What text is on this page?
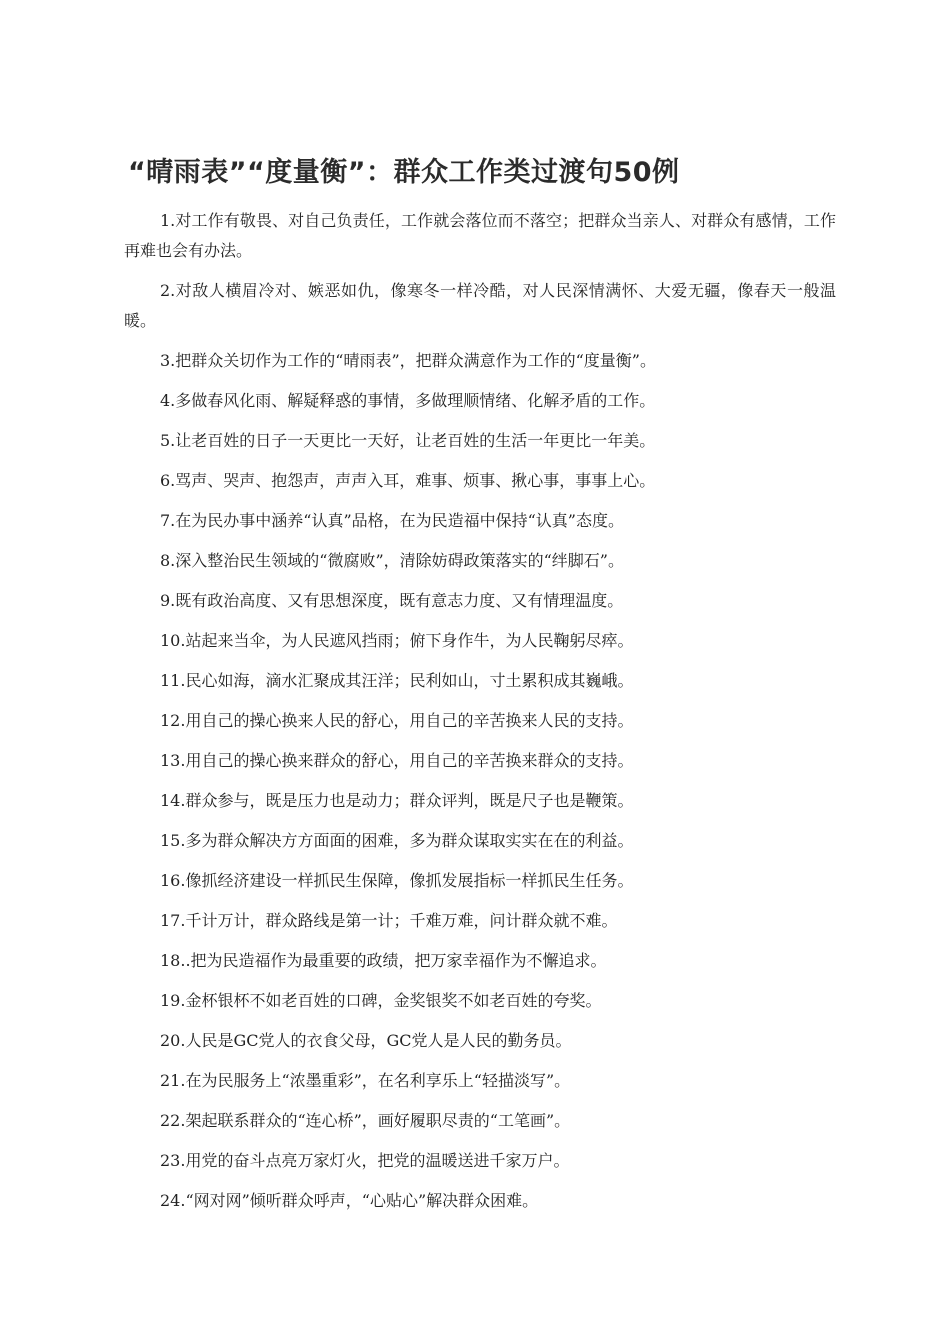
“晴雨表”“度量衡”：群众工作类过渡句50例

1.对工作有敬畏、对自己负责任，工作就会落位而不落空；把群众当亲人、对群众有感情，工作再难也会有办法。

2.对敌人横眉冷对、嫉恶如仇，像寒冬一样冷酷，对人民深情满怀、大爱无疆，像春天一般温暖。

3.把群众关切作为工作的“晴雨表”，把群众满意作为工作的“度量衡”。

4.多做春风化雨、解疑释惑的事情，多做理顺情绪、化解矛盾的工作。

5.让老百姓的日子一天更比一天好，让老百姓的生活一年更比一年美。

6.骂声、哭声、抱怨声，声声入耳，难事、烦事、揪心事，事事上心。

7.在为民办事中涵养“认真”品格，在为民造福中保持“认真”态度。

8.深入整治民生领域的“微腐败”，清除妨碍政策落实的“绊脚石”。

9.既有政治高度、又有思想深度，既有意志力度、又有情理温度。

10.站起来当伞，为人民遮风挡雨；俯下身作牛，为人民鞠躬尽瘁。

11.民心如海，滴水汇聚成其汪洋；民利如山，寸土累积成其巍峨。

12.用自己的操心换来人民的舒心，用自己的辛苦换来人民的支持。

13.用自己的操心换来群众的舒心，用自己的辛苦换来群众的支持。

14.群众参与，既是压力也是动力；群众评判，既是尺子也是鞭策。

15.多为群众解决方方面面的困难，多为群众谋取实实在在的利益。

16.像抓经济建设一样抓民生保障，像抓发展指标一样抓民生任务。

17.千计万计，群众路线是第一计；千难万难，问计群众就不难。

18..把为民造福作为最重要的政绩，把万家幸福作为不懈追求。

19.金杯银杯不如老百姓的口碑，金奖银奖不如老百姓的夸奖。

20.人民是GC党人的衣食父母，GC党人是人民的勤务员。

21.在为民服务上“浓墨重彩”，在名利享乐上“轻描淡写”。

22.架起联系群众的“连心桥”，画好履职尽责的“工笔画”。

23.用党的奋斗点亮万家灯火，把党的温暖送进千家万户。

24.“网对网”倾听群众呼声，“心贴心”解决群众困难。
